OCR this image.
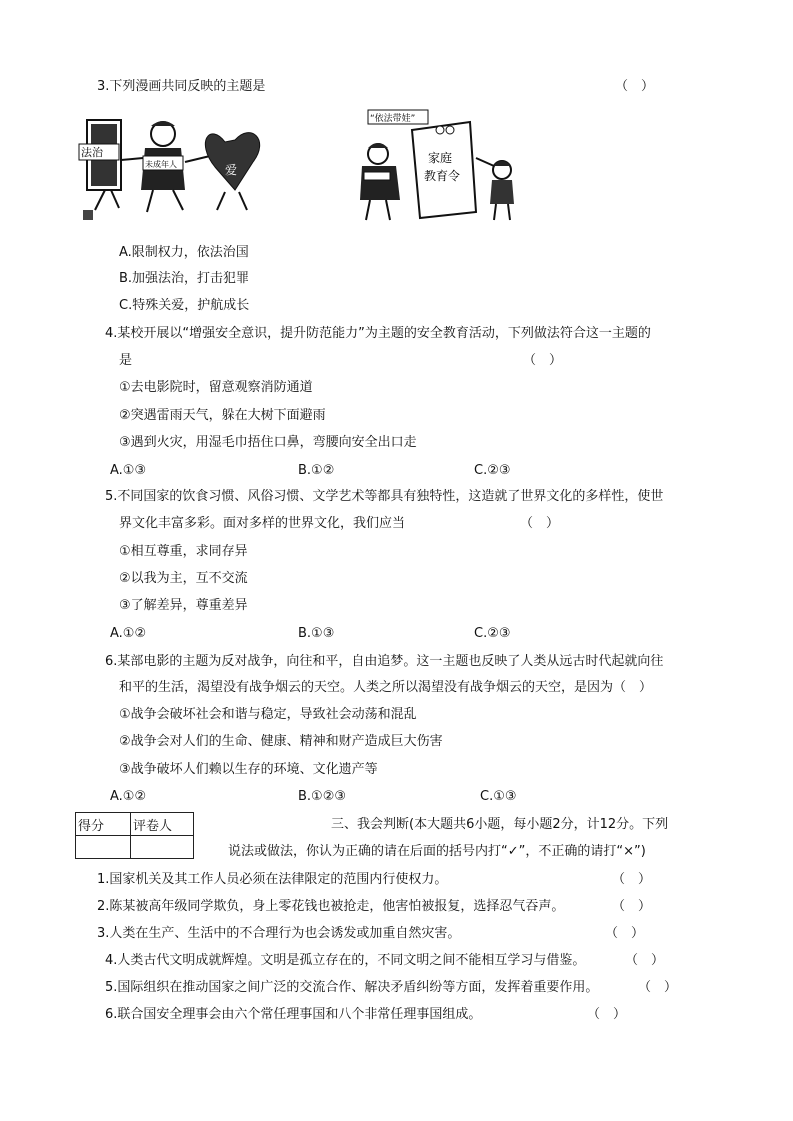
3.下列漫画共同反映的主题是	（　）
法治
未成年人	爱
“依法带娃”
家庭
教育令
A.限制权力，依法治国
B.加强法治，打击犯罪
C.特殊关爱，护航成长
4.某校开展以“增强安全意识，提升防范能力”为主题的安全教育活动，下列做法符合这一主题的
是	（　）
①去电影院时，留意观察消防通道
②突遇雷雨天气，躲在大树下面避雨
③遇到火灾，用湿毛巾捂住口鼻，弯腰向安全出口走
A.①③	B.①②	C.②③
5.不同国家的饮食习惯、风俗习惯、文学艺术等都具有独特性，这造就了世界文化的多样性，使世
界文化丰富多彩。面对多样的世界文化，我们应当	（　）
①相互尊重，求同存异
②以我为主，互不交流
③了解差异，尊重差异
A.①②	B.①③	C.②③
6.某部电影的主题为反对战争，向往和平，自由追梦。这一主题也反映了人类从远古时代起就向往
和平的生活，渴望没有战争烟云的天空。人类之所以渴望没有战争烟云的天空，是因为（　）
①战争会破坏社会和谐与稳定，导致社会动荡和混乱
②战争会对人们的生命、健康、精神和财产造成巨大伤害
③战争破坏人们赖以生存的环境、文化遗产等
A.①②	B.①②③	C.①③
得分	评卷人
		三、我会判断(本大题共6小题，每小题2分，计12分。下列
说法或做法，你认为正确的请在后面的括号内打“✓”，不正确的请打“×”)
1.国家机关及其工作人员必须在法律限定的范围内行使权力。	（　）
2.陈某被高年级同学欺负，身上零花钱也被抢走，他害怕被报复，选择忍气吞声。	（　）
3.人类在生产、生活中的不合理行为也会诱发或加重自然灾害。	（　）
4.人类古代文明成就辉煌。文明是孤立存在的，不同文明之间不能相互学习与借鉴。	（　）
5.国际组织在推动国家之间广泛的交流合作、解决矛盾纠纷等方面，发挥着重要作用。	（　）
6.联合国安全理事会由六个常任理事国和八个非常任理事国组成。	（　）
